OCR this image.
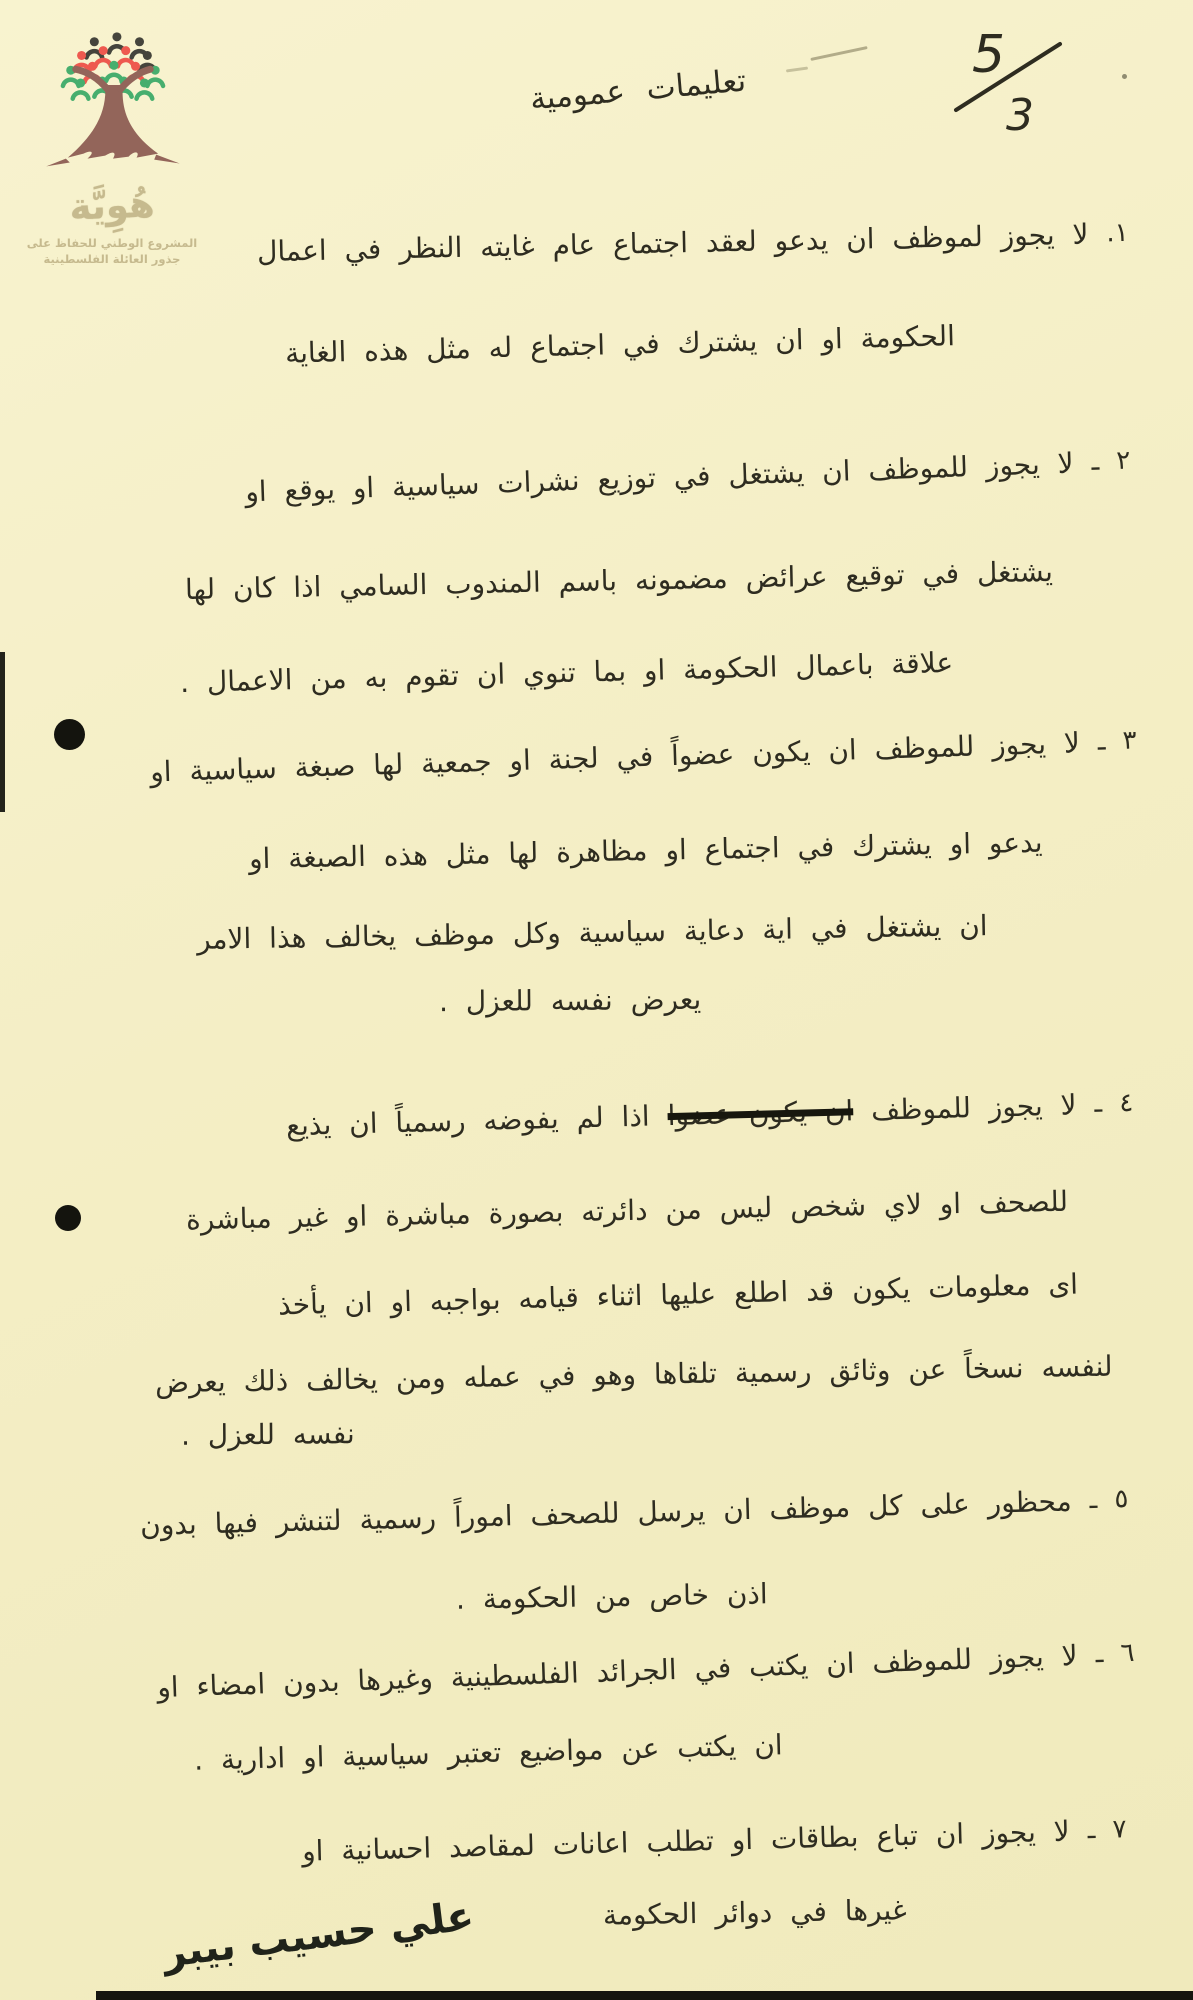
هُوِيَّة
المشروع الوطني للحفاظ على
جذور العائلة الفلسطينية
5
3
تعليمات عمومية
١.
لا يجوز لموظف ان يدعو لعقد اجتماع عام غايته النظر في اعمال
الحكومة او ان يشترك في اجتماع له مثل هذه الغاية
٢ ـ
لا يجوز للموظف ان يشتغل في توزيع نشرات سياسية او يوقع او
يشتغل في توقيع عرائض مضمونه باسم المندوب السامي اذا كان لها
علاقة باعمال الحكومة او بما تنوي ان تقوم به من الاعمال .
٣ ـ
لا يجوز للموظف ان يكون عضواً في لجنة او جمعية لها صبغة سياسية او
يدعو او يشترك في اجتماع او مظاهرة لها مثل هذه الصبغة او
ان يشتغل في اية دعاية سياسية وكل موظف يخالف هذا الامر
يعرض نفسه للعزل .
٤ ـ
لا يجوز للموظف
ان يكون عضوا
اذا لم يفوضه رسمياً ان يذيع
للصحف او لاي شخص ليس من دائرته بصورة مباشرة او غير مباشرة
اى معلومات يكون قد اطلع عليها اثناء قيامه بواجبه او ان يأخذ
لنفسه نسخاً عن وثائق رسمية تلقاها وهو في عمله ومن يخالف ذلك يعرض
نفسه للعزل .
٥ ـ
محظور على كل موظف ان يرسل للصحف اموراً رسمية لتنشر فيها بدون
اذن خاص من الحكومة .
٦ ـ
لا يجوز للموظف ان يكتب في الجرائد الفلسطينية وغيرها بدون امضاء او
ان يكتب عن مواضيع تعتبر سياسية او ادارية .
٧ ـ
لا يجوز ان تباع بطاقات او تطلب اعانات لمقاصد احسانية او
غيرها في دوائر الحكومة
علي حسيب بيبر
